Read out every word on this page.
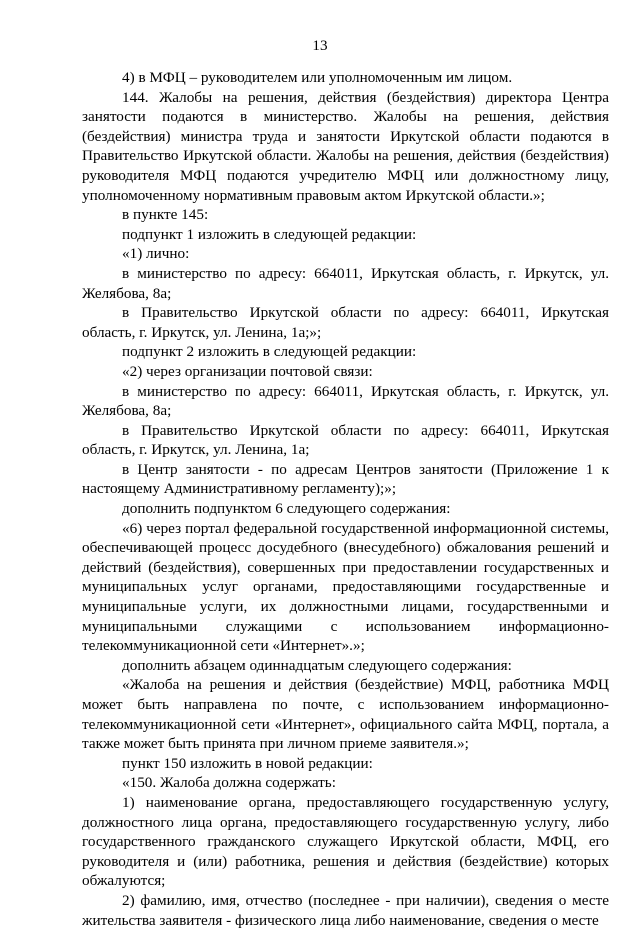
13

4) в МФЦ – руководителем или уполномоченным им лицом.

144. Жалобы на решения, действия (бездействия) директора Центра занятости подаются в министерство. Жалобы на решения, действия (бездействия) министра труда и занятости Иркутской области подаются в Правительство Иркутской области. Жалобы на решения, действия (бездействия) руководителя МФЦ подаются учредителю МФЦ или должностному лицу, уполномоченному нормативным правовым актом Иркутской области.»;

в пункте 145:

подпункт 1 изложить в следующей редакции:

«1) лично:

в министерство по адресу: 664011, Иркутская область, г. Иркутск, ул. Желябова, 8а;

в Правительство Иркутской области по адресу: 664011, Иркутская область, г. Иркутск, ул. Ленина, 1а;»;

подпункт 2 изложить в следующей редакции:

«2) через организации почтовой связи:

в министерство по адресу: 664011, Иркутская область, г. Иркутск, ул. Желябова, 8а;

в Правительство Иркутской области по адресу: 664011, Иркутская область, г. Иркутск, ул. Ленина, 1а;

в Центр занятости - по адресам Центров занятости (Приложение 1 к настоящему Административному регламенту);»;

дополнить подпунктом 6 следующего содержания:

«6) через портал федеральной государственной информационной системы, обеспечивающей процесс досудебного (внесудебного) обжалования решений и действий (бездействия), совершенных при предоставлении государственных и муниципальных услуг органами, предоставляющими государственные и муниципальные услуги, их должностными лицами, государственными и муниципальными служащими с использованием информационно-телекоммуникационной сети «Интернет».»;

дополнить абзацем одиннадцатым следующего содержания:

«Жалоба на решения и действия (бездействие) МФЦ, работника МФЦ может быть направлена по почте, с использованием информационно-телекоммуникационной сети «Интернет», официального сайта МФЦ, портала, а также может быть принята при личном приеме заявителя.»;

пункт 150 изложить в новой редакции:

«150. Жалоба должна содержать:

1) наименование органа, предоставляющего государственную услугу, должностного лица органа, предоставляющего государственную услугу, либо государственного гражданского служащего Иркутской области, МФЦ, его руководителя и (или) работника, решения и действия (бездействие) которых обжалуются;

2) фамилию, имя, отчество (последнее - при наличии), сведения о месте жительства заявителя - физического лица либо наименование, сведения о месте
